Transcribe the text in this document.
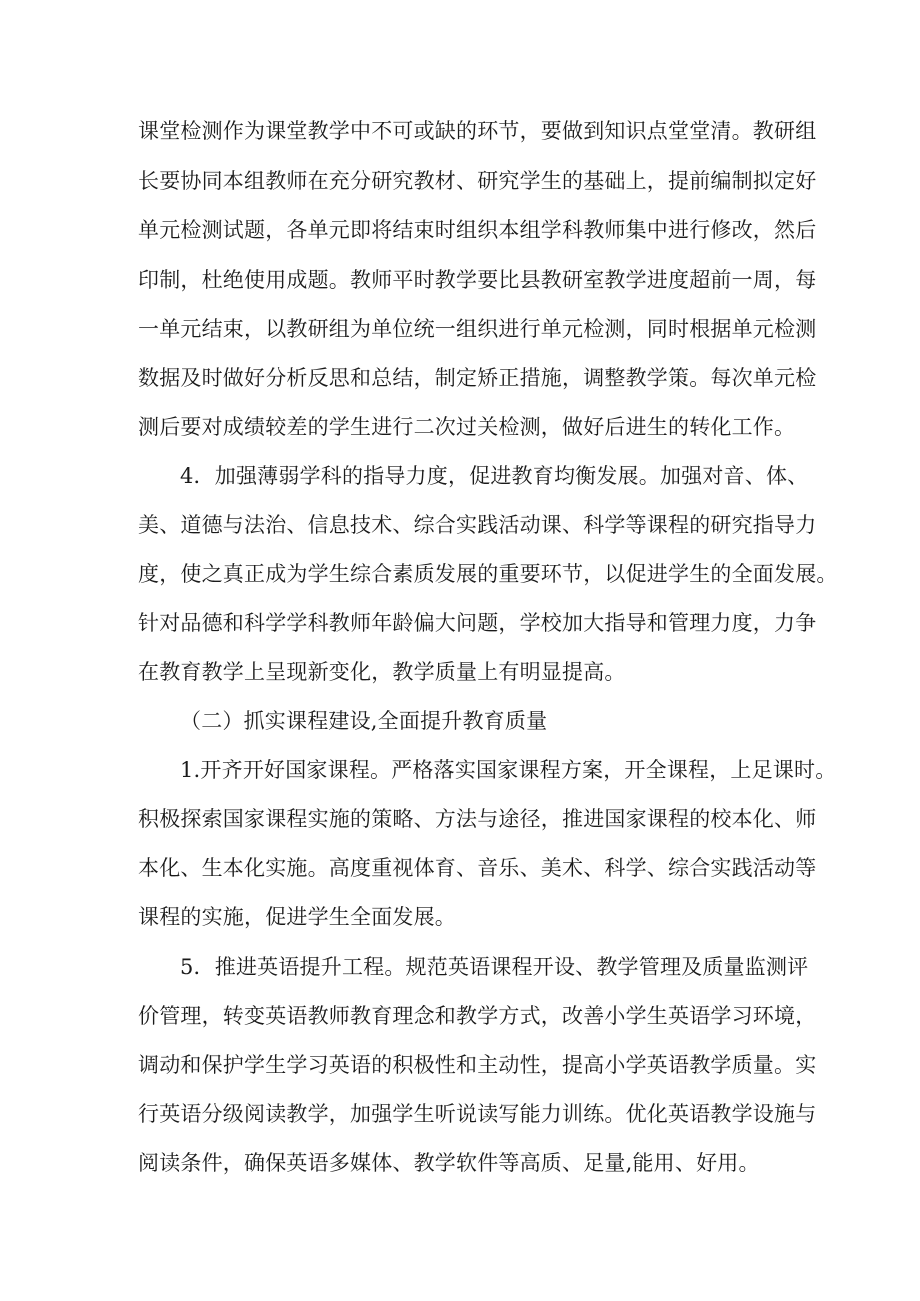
课堂检测作为课堂教学中不可或缺的环节，要做到知识点堂堂清。教研组
长要协同本组教师在充分研究教材、研究学生的基础上，提前编制拟定好
单元检测试题，各单元即将结束时组织本组学科教师集中进行修改，然后
印制，杜绝使用成题。教师平时教学要比县教研室教学进度超前一周，每
一单元结束，以教研组为单位统一组织进行单元检测，同时根据单元检测
数据及时做好分析反思和总结，制定矫正措施，调整教学策。每次单元检
测后要对成绩较差的学生进行二次过关检测，做好后进生的转化工作。
4．加强薄弱学科的指导力度，促进教育均衡发展。加强对音、体、
美、道德与法治、信息技术、综合实践活动课、科学等课程的研究指导力
度，使之真正成为学生综合素质发展的重要环节，以促进学生的全面发展。
针对品德和科学学科教师年龄偏大问题，学校加大指导和管理力度，力争
在教育教学上呈现新变化，教学质量上有明显提高。
（二）抓实课程建设,全面提升教育质量
1.开齐开好国家课程。严格落实国家课程方案，开全课程，上足课时。
积极探索国家课程实施的策略、方法与途径，推进国家课程的校本化、师
本化、生本化实施。高度重视体育、音乐、美术、科学、综合实践活动等
课程的实施，促进学生全面发展。
5．推进英语提升工程。规范英语课程开设、教学管理及质量监测评
价管理，转变英语教师教育理念和教学方式，改善小学生英语学习环境，
调动和保护学生学习英语的积极性和主动性，提高小学英语教学质量。实
行英语分级阅读教学，加强学生听说读写能力训练。优化英语教学设施与
阅读条件，确保英语多媒体、教学软件等高质、足量,能用、好用。
